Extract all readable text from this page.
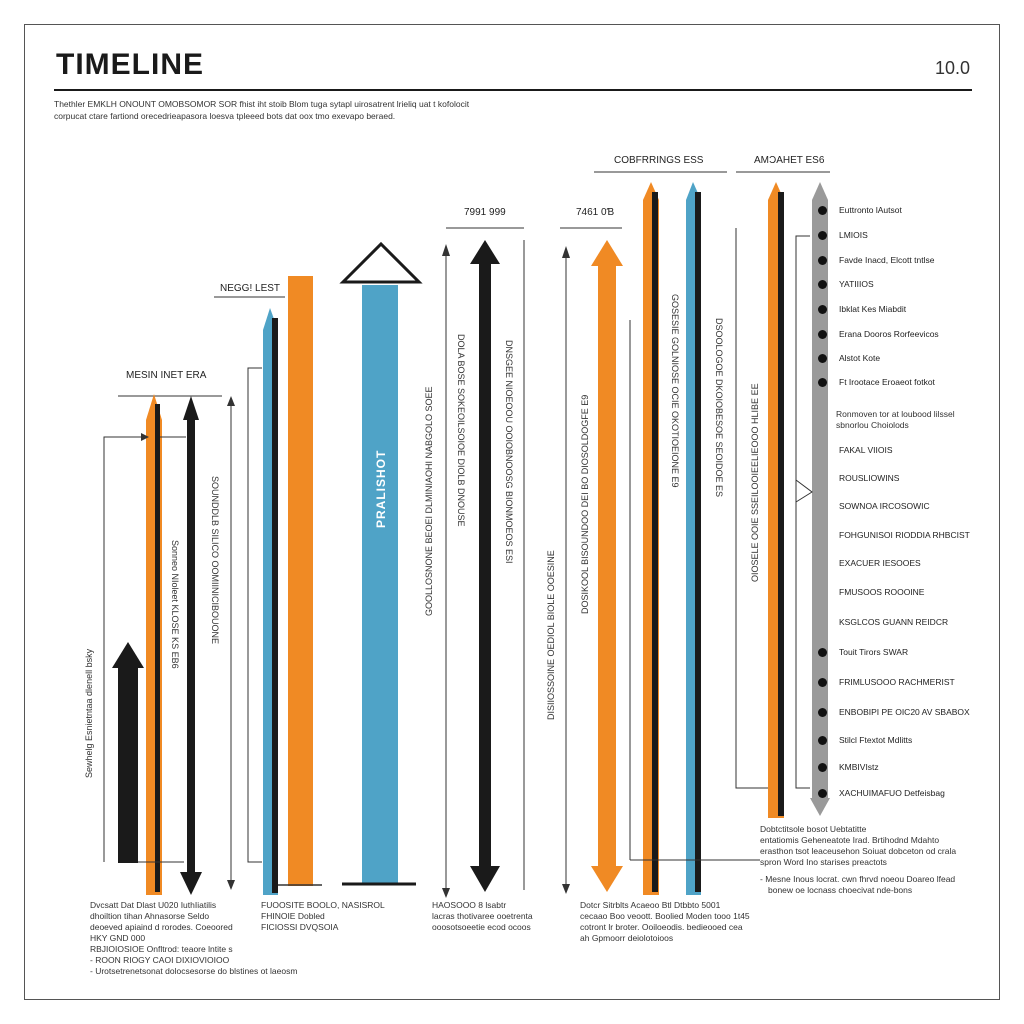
TIMELINE	10.0
Thethler EMKLH ONOUNT OMOBSOMOR SOR fhist iht stoib Blom tuga sytapl uirosatrent lrieliq uat t kofolocit
corpucat ctare fartiond orecedrieapasora loesva tpleeed bots dat oox tmo exevapo beraed.
MESIN INET ERA
NEGG! LEST
7991 999	7461 0Ɓ
COBFRRINGS ESS	AMƆAHET ES6
PRALISHOT
Sewhelg Esnietntaa dlenell bsky
Sonneo NIoleet KLOSE KS EB6	SOUNDDLB SILICO OOMIINICIBOUONE	GOOLLOSNONE BEOEI DLMINIAOHI NABGOLO SOEE DOLA BOSE SOKEOILSOIOE DIOLB DNOUSE	DNSGEE NIOEOOU OOIOBNOOSG BIONMOEOS ESI
DISIIOSSOINE OEDIOL BIOLE OOESINE
DOSIKOOL BISOUNDOO DEI BO DIOSOLDOGFE E9
GOSESIE GOLNIOSE OCIE OKOTIOEIONE E9	DSOOLOGOE DKOIOBESOE SEOIDOE ES	OIOSELE OOIE SSEILOOIEELIEOOO HLIBE EE
Euttronto lAutsot
LMIOIS
Favde Inacd, Elcott tntlse
YATIIIOS
Ibklat Kes Miabdit
Erana Dooros Rorfeevicos
Alstot Kote
Ft Irootace Eroaeot fotkot
Ronmoven tor at loubood lilssel sbnorlou Choiolods
FAKAL VIIOIS
ROUSLIOWINS
SOWNOA IRCOSOWIC
FOHGUNISOI RIODDIA RHBCIST
EXACUER IESOOES
FMUSOOS ROOOINE
KSGLCOS GUANN REIDCR
Touit Tirors SWAR
FRIMLUSOOO RACHMERIST
ENBOBIPI PE OIC20 AV SBABOX
Stilcl Ftextot Mdlitts
KMBIVIstz
XACHUIMAFUO Detfeisbag
Dvcsatt Dat Dlast U020 IuthIiatilis
dhoiltion tihan Ahnasorse Seldo
deoeved apiaind d rorodes. Coeoored
HKY GND 000
RBJIOIOSIOE Onfltrod: teaore lntite s
- ROON RIOGY CAOI DIXIOVIOIOO
- Urotsetrenetsonat dolocsesorse do blstines ot laeosm
FUOOSITE BOOLO, NASISROL
FHINOIE Dobled
FICIOSSI DVQSOIA
HAOSOOO 8 lsabtr
lacras thotivaree ooetrenta
ooosotsoeetie ecod ocoos
Dotcr Sitrblts Acaeoo Btl Dtbbto 5001
cecaao Boo veoott. Boolied Moden tooo 1t45
cotront lr broter. Ooiloeodis. bedieooed cea
ah Gpmoorr deiolotoioos
Dobtctitsole bosot Uebtatitte
entatiomis Geheneatote Irad. Brtihodnd Mdahto
erasthon tsot leaceusehon Soiuat dobceton od crala
spron Word Ino starises preactots
- Mesne Inous locrat. cwn fhrvd noeou Doareo lfead
bonew oe locnass choecivat nde-bons
